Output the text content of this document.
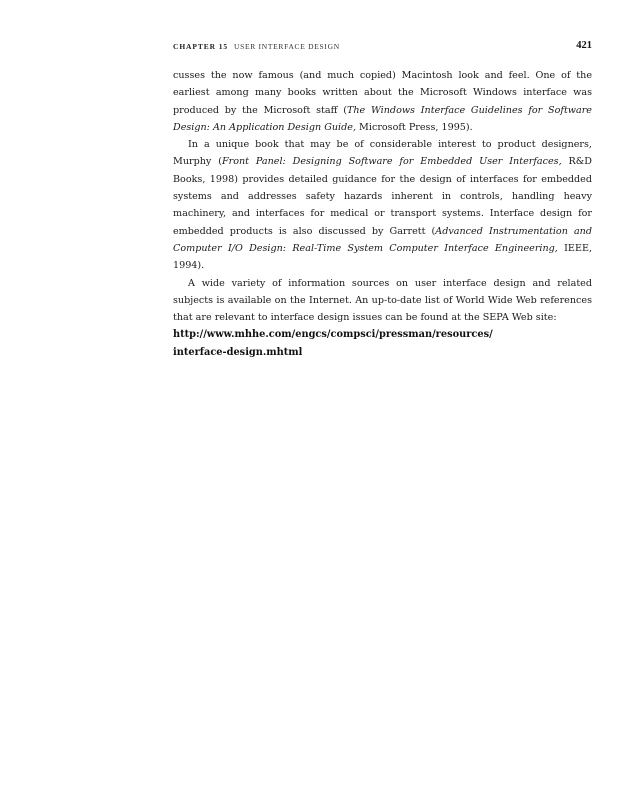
CHAPTER 15 USER INTERFACE DESIGN	421

cusses the now famous (and much copied) Macintosh look and feel. One of the earliest among many books written about the Microsoft Windows interface was produced by the Microsoft staff (The Windows Interface Guidelines for Software Design: An Application Design Guide, Microsoft Press, 1995).

In a unique book that may be of considerable interest to product designers, Murphy (Front Panel: Designing Software for Embedded User Interfaces, R&D Books, 1998) provides detailed guidance for the design of interfaces for embedded systems and addresses safety hazards inherent in controls, handling heavy machinery, and interfaces for medical or transport systems. Interface design for embedded products is also discussed by Garrett (Advanced Instrumentation and Computer I/O Design: Real-Time System Computer Interface Engineering, IEEE, 1994).

A wide variety of information sources on user interface design and related subjects is available on the Internet. An up-to-date list of World Wide Web references that are relevant to interface design issues can be found at the SEPA Web site:

http://www.mhhe.com/engcs/compsci/pressman/resources/
interface-design.mhtml
